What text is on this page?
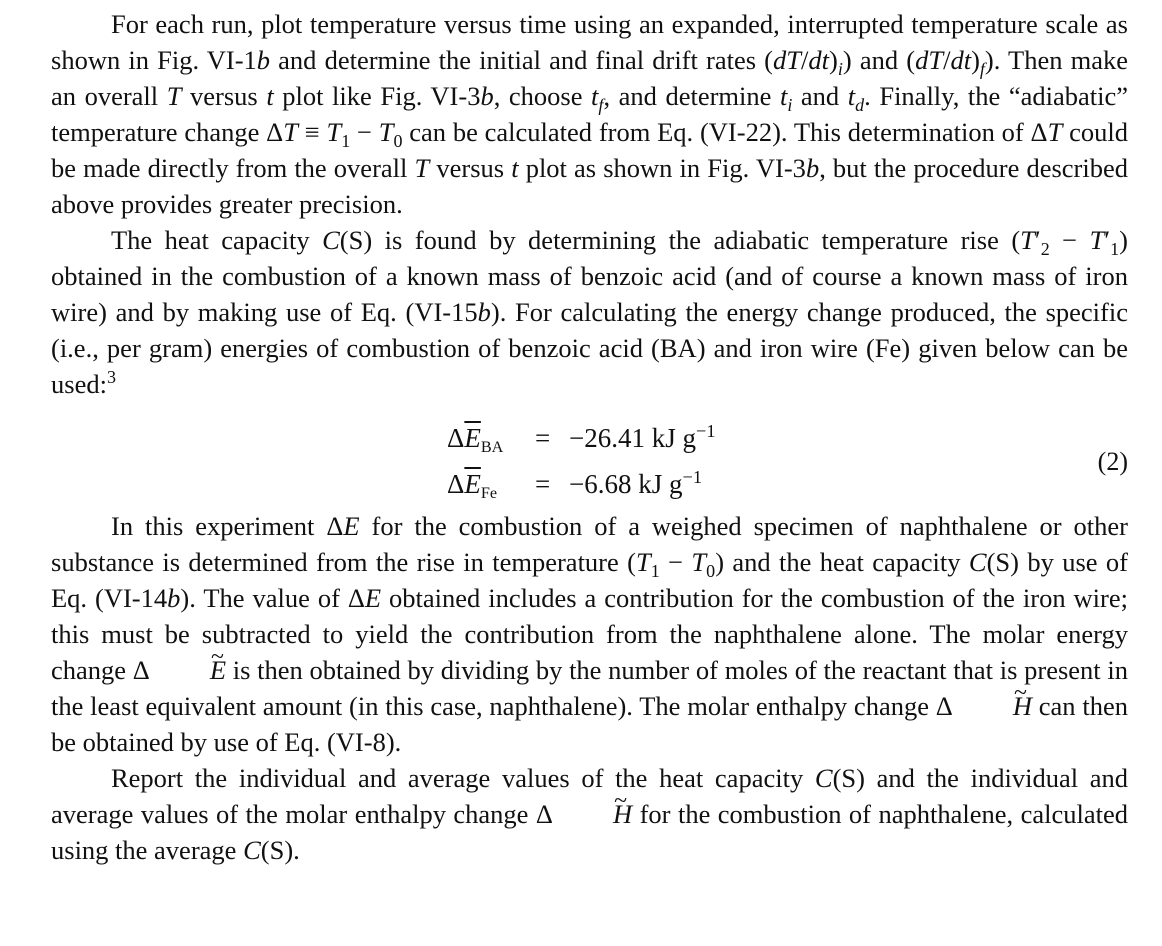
For each run, plot temperature versus time using an expanded, interrupted temperature scale as shown in Fig. VI-1b and determine the initial and final drift rates $(dT/dt)_i$) and $(dT/dt)_f$). Then make an overall T versus t plot like Fig. VI-3b, choose $t_f$, and determine $t_i$ and $t_d$. Finally, the “adiabatic” temperature change $\Delta T \equiv T_1 - T_0$ can be calculated from Eq. (VI-22). This determination of ΔT could be made directly from the overall T versus t plot as shown in Fig. VI-3b, but the procedure described above provides greater precision.

The heat capacity C(S) is found by determining the adiabatic temperature rise $(T'_2 - T'_1)$ obtained in the combustion of a known mass of benzoic acid (and of course a known mass of iron wire) and by making use of Eq. (VI-15b). For calculating the energy change produced, the specific (i.e., per gram) energies of combustion of benzoic acid (BA) and iron wire (Fe) given below can be used:$^3$

$\Delta\overline{E}_{BA} = -26.41$ kJ $g^{-1}$
$\Delta\overline{E}_{Fe} = -6.68$ kJ $g^{-1}$
(2)

In this experiment ΔE for the combustion of a weighed specimen of naphthalene or other substance is determined from the rise in temperature $(T_1 - T_0)$ and the heat capacity C(S) by use of Eq. (VI-14b). The value of ΔE obtained includes a contribution for the combustion of the iron wire; this must be subtracted to yield the contribution from the naphthalene alone. The molar energy change Δ ~ E is then obtained by dividing by the number of moles of the reactant that is present in the least equivalent amount (in this case, naphthalene). The molar enthalpy change Δ ~ H can then be obtained by use of Eq. (VI-8).

Report the individual and average values of the heat capacity C(S) and the individual and average values of the molar enthalpy change Δ ~ H for the combustion of naphthalene, calculated using the average C(S).
